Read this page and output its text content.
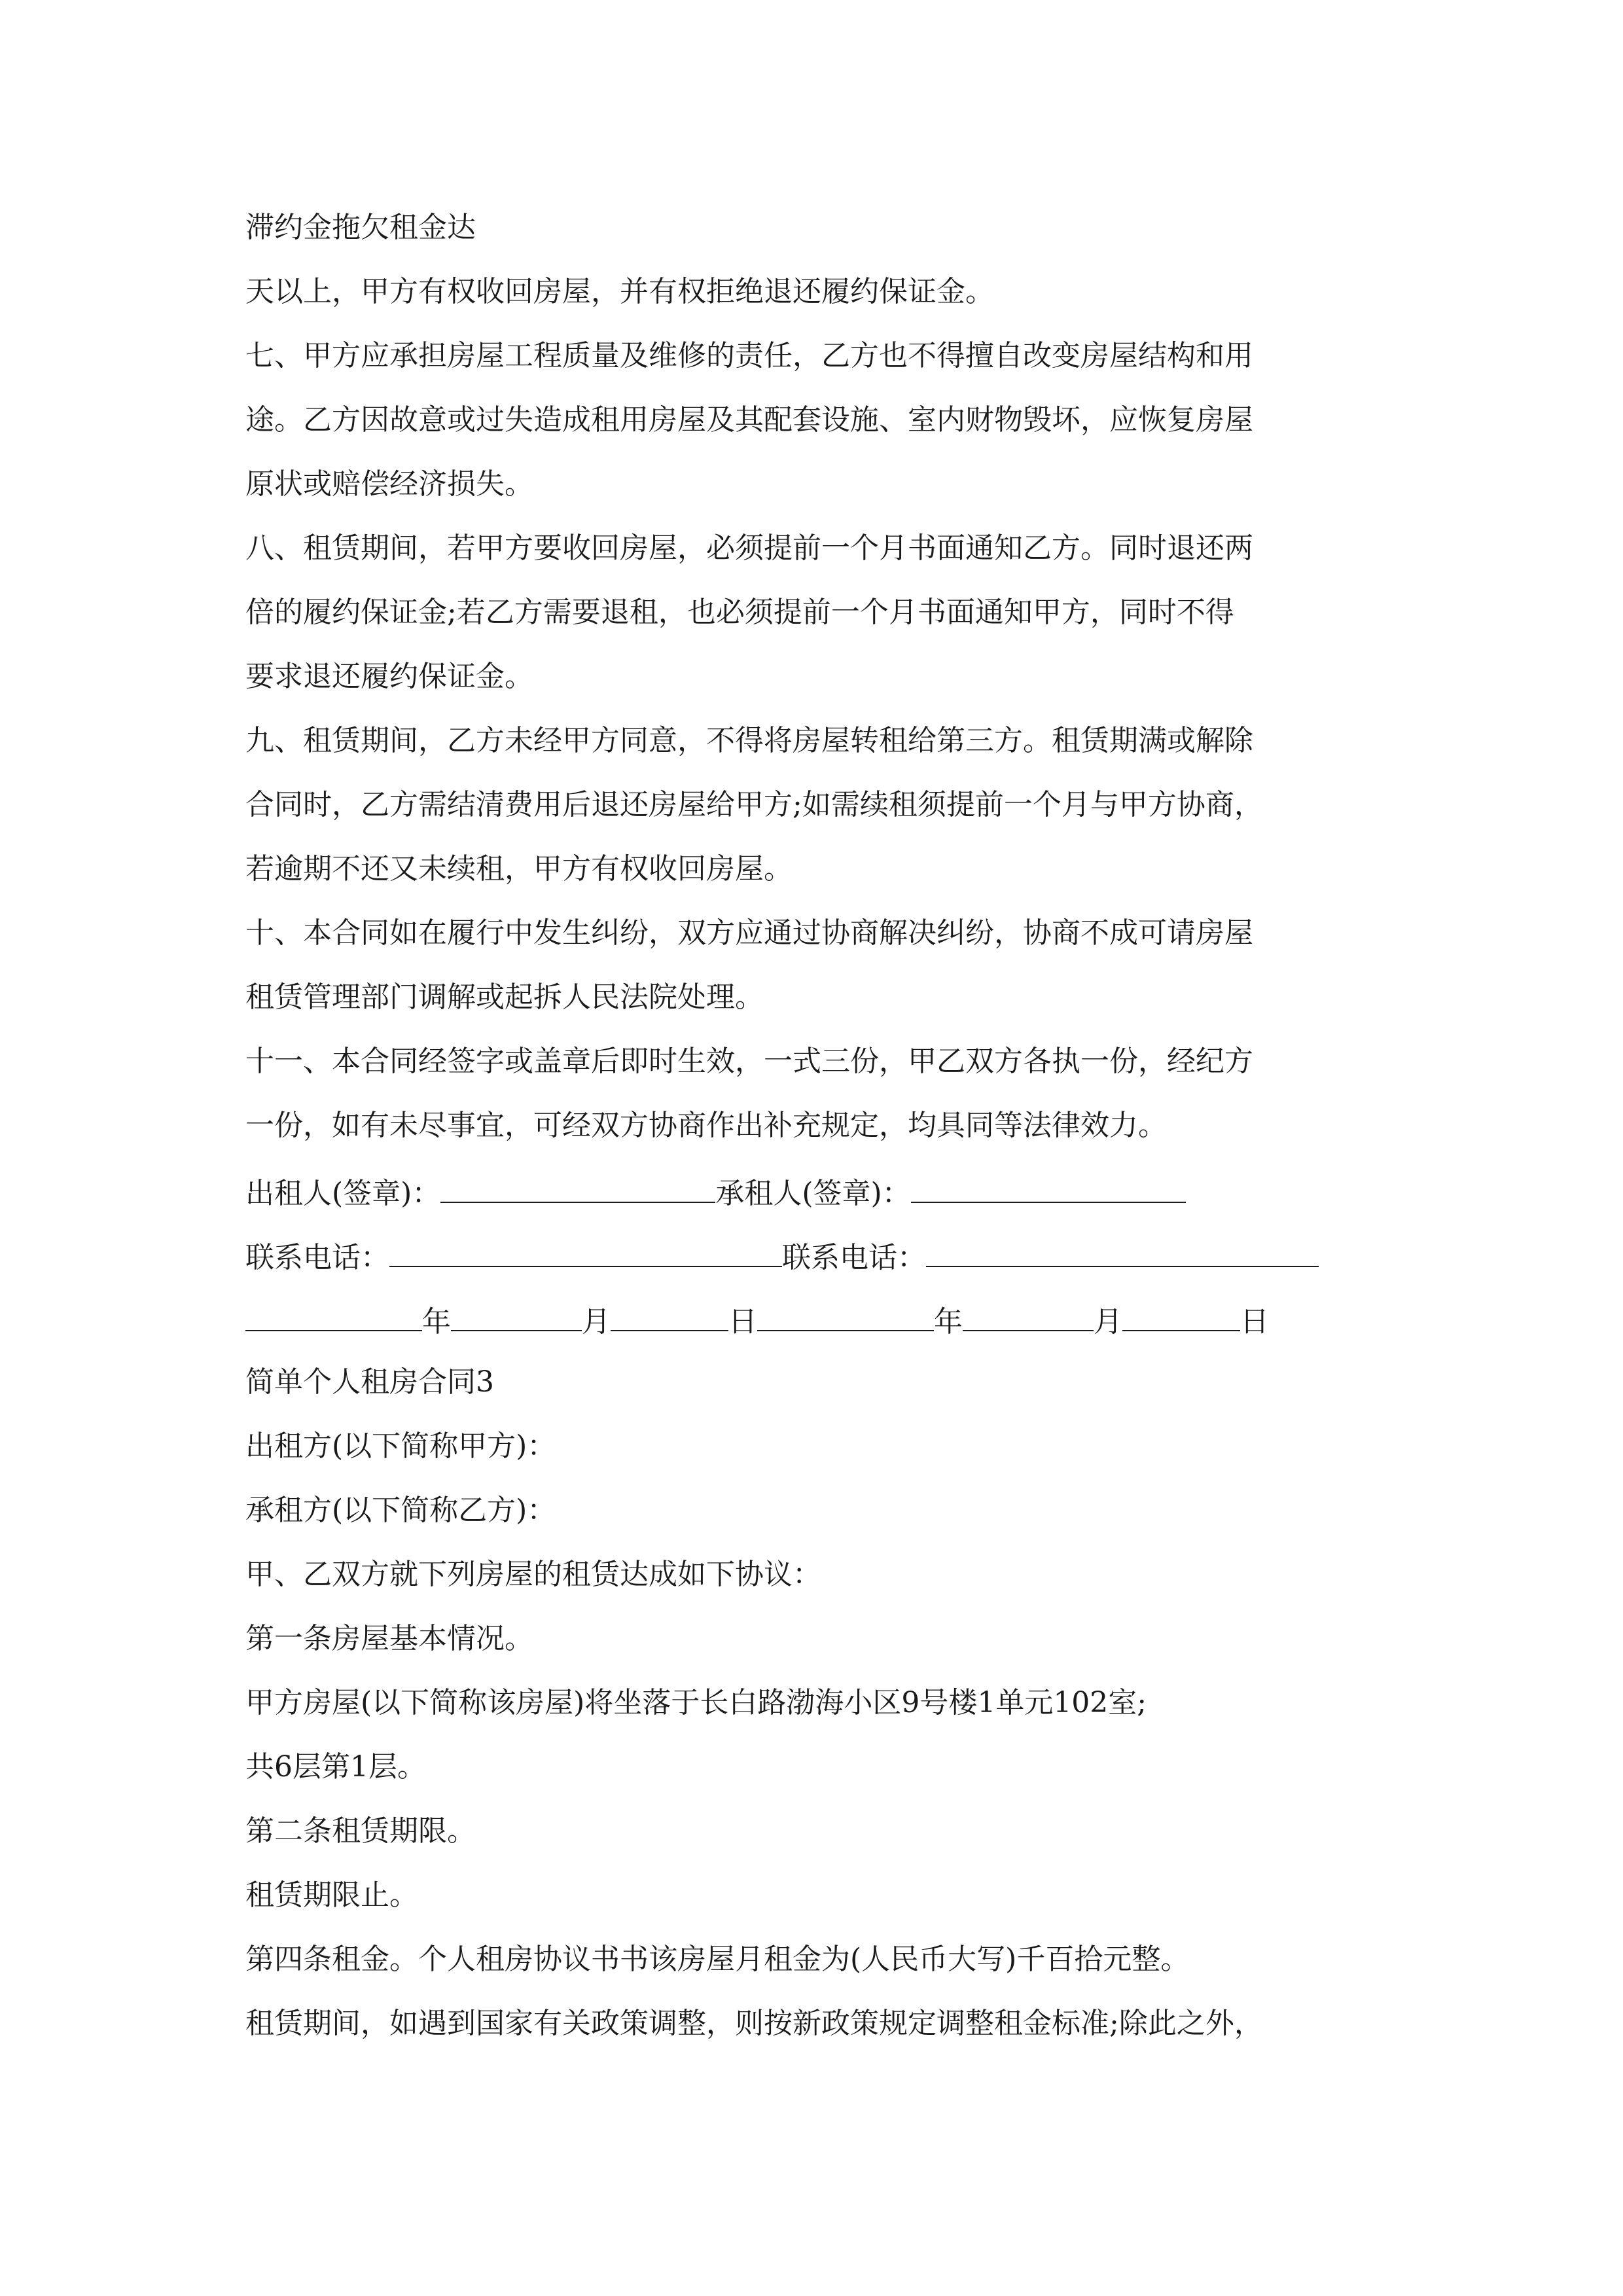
滞约金拖欠租金达
天以上，甲方有权收回房屋，并有权拒绝退还履约保证金。
七、甲方应承担房屋工程质量及维修的责任，乙方也不得擅自改变房屋结构和用
途。乙方因故意或过失造成租用房屋及其配套设施、室内财物毁坏，应恢复房屋
原状或赔偿经济损失。
八、租赁期间，若甲方要收回房屋，必须提前一个月书面通知乙方。同时退还两
倍的履约保证金;若乙方需要退租，也必须提前一个月书面通知甲方，同时不得
要求退还履约保证金。
九、租赁期间，乙方未经甲方同意，不得将房屋转租给第三方。租赁期满或解除
合同时，乙方需结清费用后退还房屋给甲方;如需续租须提前一个月与甲方协商，
若逾期不还又未续租，甲方有权收回房屋。
十、本合同如在履行中发生纠纷，双方应通过协商解决纠纷，协商不成可请房屋
租赁管理部门调解或起拆人民法院处理。
十一、本合同经签字或盖章后即时生效，一式三份，甲乙双方各执一份，经纪方
一份，如有未尽事宜，可经双方协商作出补充规定，均具同等法律效力。
出租人(签章)：	承租人(签章)：
联系电话：	联系电话：
年	月	日	年	月	日
简单个人租房合同3
出租方(以下简称甲方)：
承租方(以下简称乙方)：
甲、乙双方就下列房屋的租赁达成如下协议：
第一条房屋基本情况。
甲方房屋(以下简称该房屋)将坐落于长白路渤海小区9号楼1单元102室;
共6层第1层。
第二条租赁期限。
租赁期限止。
第四条租金。个人租房协议书书该房屋月租金为(人民币大写)千百拾元整。
租赁期间，如遇到国家有关政策调整，则按新政策规定调整租金标准;除此之外，
